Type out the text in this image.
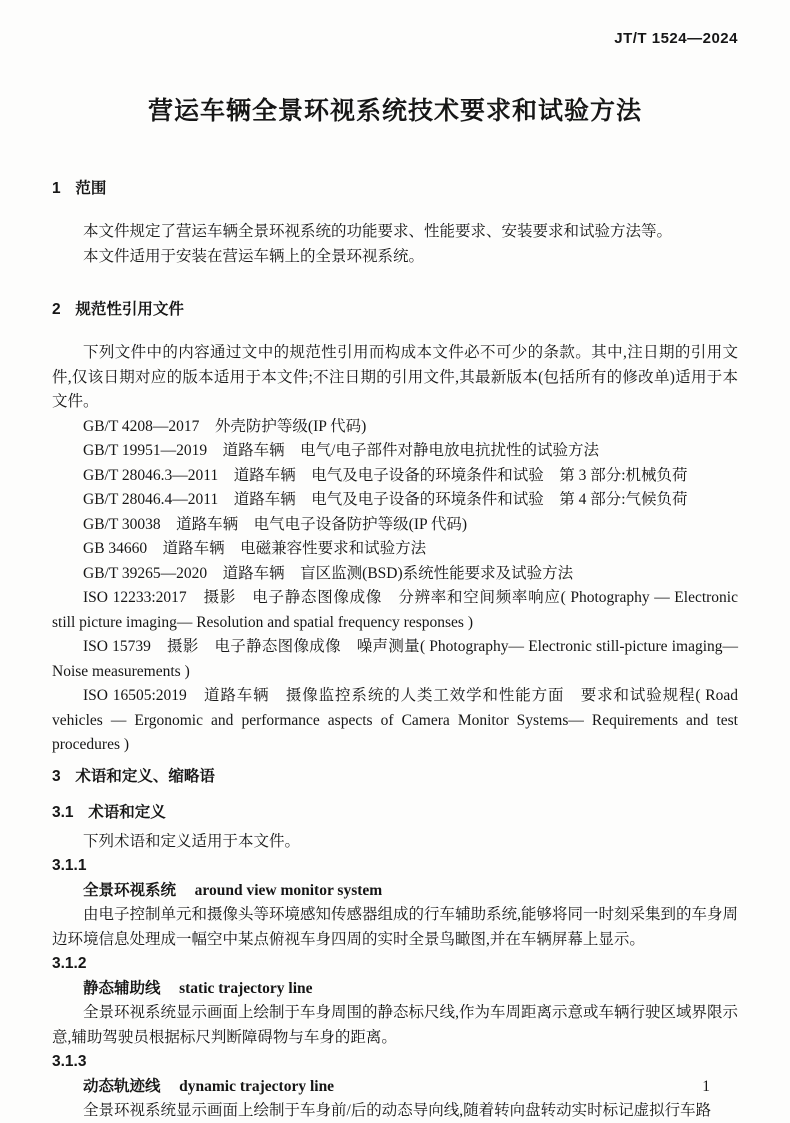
JT/T 1524—2024
营运车辆全景环视系统技术要求和试验方法
1 范围

本文件规定了营运车辆全景环视系统的功能要求、性能要求、安装要求和试验方法等。

本文件适用于安装在营运车辆上的全景环视系统。

2 规范性引用文件

下列文件中的内容通过文中的规范性引用而构成本文件必不可少的条款。其中,注日期的引用文件,仅该日期对应的版本适用于本文件;不注日期的引用文件,其最新版本(包括所有的修改单)适用于本文件。

GB/T 4208—2017　外壳防护等级(IP 代码)

GB/T 19951—2019　道路车辆　电气/电子部件对静电放电抗扰性的试验方法

GB/T 28046.3—2011　道路车辆　电气及电子设备的环境条件和试验　第 3 部分:机械负荷

GB/T 28046.4—2011　道路车辆　电气及电子设备的环境条件和试验　第 4 部分:气候负荷

GB/T 30038　道路车辆　电气电子设备防护等级(IP 代码)

GB 34660　道路车辆　电磁兼容性要求和试验方法

GB/T 39265—2020　道路车辆　盲区监测(BSD)系统性能要求及试验方法

ISO 12233:2017　摄影　电子静态图像成像　分辨率和空间频率响应( Photography — Electronic still picture imaging— Resolution and spatial frequency responses )

ISO 15739　摄影　电子静态图像成像　噪声测量( Photography— Electronic still-picture imaging— Noise measurements )

ISO 16505:2019　道路车辆　摄像监控系统的人类工效学和性能方面　要求和试验规程( Road vehicles — Ergonomic and performance aspects of Camera Monitor Systems— Requirements and test procedures )

3 术语和定义、缩略语
3.1 术语和定义

下列术语和定义适用于本文件。

3.1.1

全景环视系统 around view monitor system

由电子控制单元和摄像头等环境感知传感器组成的行车辅助系统,能够将同一时刻采集到的车身周边环境信息处理成一幅空中某点俯视车身四周的实时全景鸟瞰图,并在车辆屏幕上显示。

3.1.2

静态辅助线 static trajectory line

全景环视系统显示画面上绘制于车身周围的静态标尺线,作为车周距离示意或车辆行驶区域界限示意,辅助驾驶员根据标尺判断障碍物与车身的距离。

3.1.3

动态轨迹线 dynamic trajectory line

全景环视系统显示画面上绘制于车身前/后的动态导向线,随着转向盘转动实时标记虚拟行车路

1
